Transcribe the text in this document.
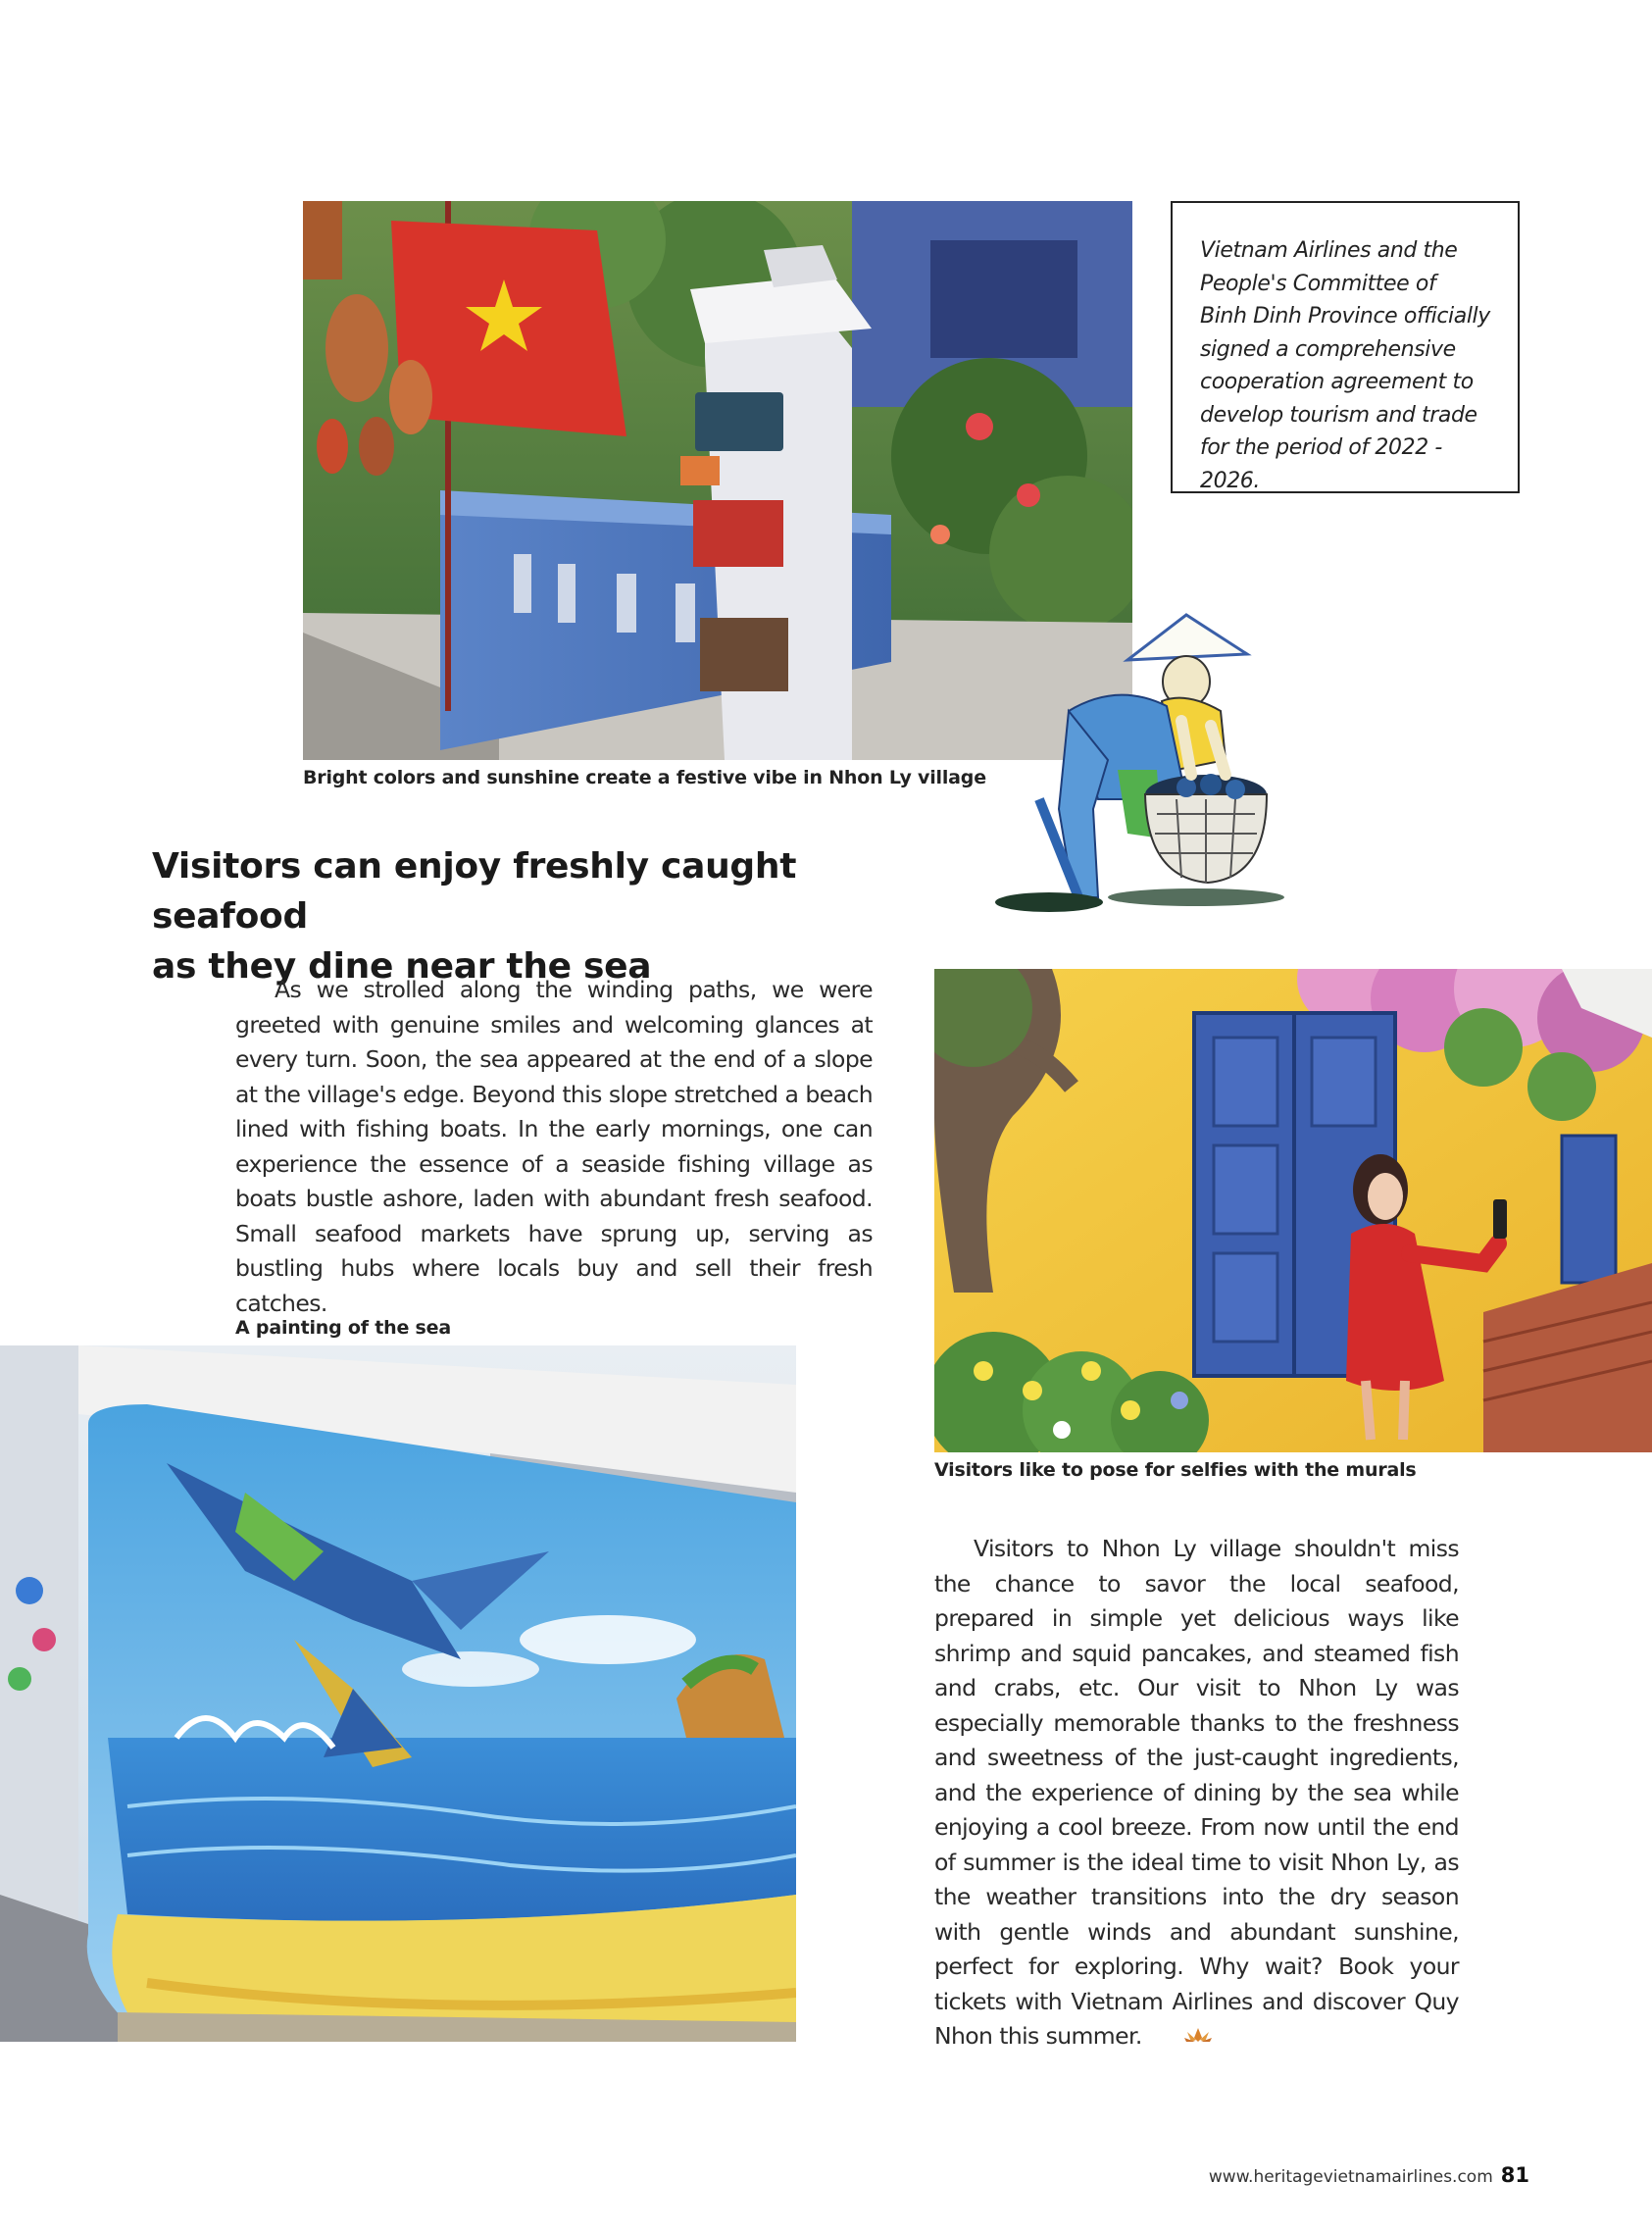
Vietnam Airlines and the
People's Committee of
Binh Dinh Province officially
signed a comprehensive
cooperation agreement to
develop tourism and trade
for the period of 2022 - 2026.
Bright colors and sunshine create a festive vibe in Nhon Ly village
Visitors can enjoy freshly caught seafood
as they dine near the sea
As we strolled along the winding paths, we were greeted with genuine smiles and welcoming glances at every turn. Soon, the sea appeared at the end of a slope at the village's edge. Beyond this slope stretched a beach lined with fishing boats. In the early mornings, one can experience the essence of a seaside fishing village as boats bustle ashore, laden with abundant fresh seafood. Small seafood markets have sprung up, serving as bustling hubs where locals buy and sell their fresh catches.
A painting of the sea
Visitors like to pose for selfies with the murals
Visitors to Nhon Ly village shouldn't miss the chance to savor the local seafood, prepared in simple yet delicious ways like shrimp and squid pancakes, and steamed fish and crabs, etc. Our visit to Nhon Ly was especially memorable thanks to the freshness and sweetness of the just-caught ingredients, and the experience of dining by the sea while enjoying a cool breeze. From now until the end of summer is the ideal time to visit Nhon Ly, as the weather transitions into the dry season with gentle winds and abundant sunshine, perfect for exploring. Why wait? Book your tickets with Vietnam Airlines and discover Quy Nhon this summer.
www.heritagevietnamairlines.com 81
